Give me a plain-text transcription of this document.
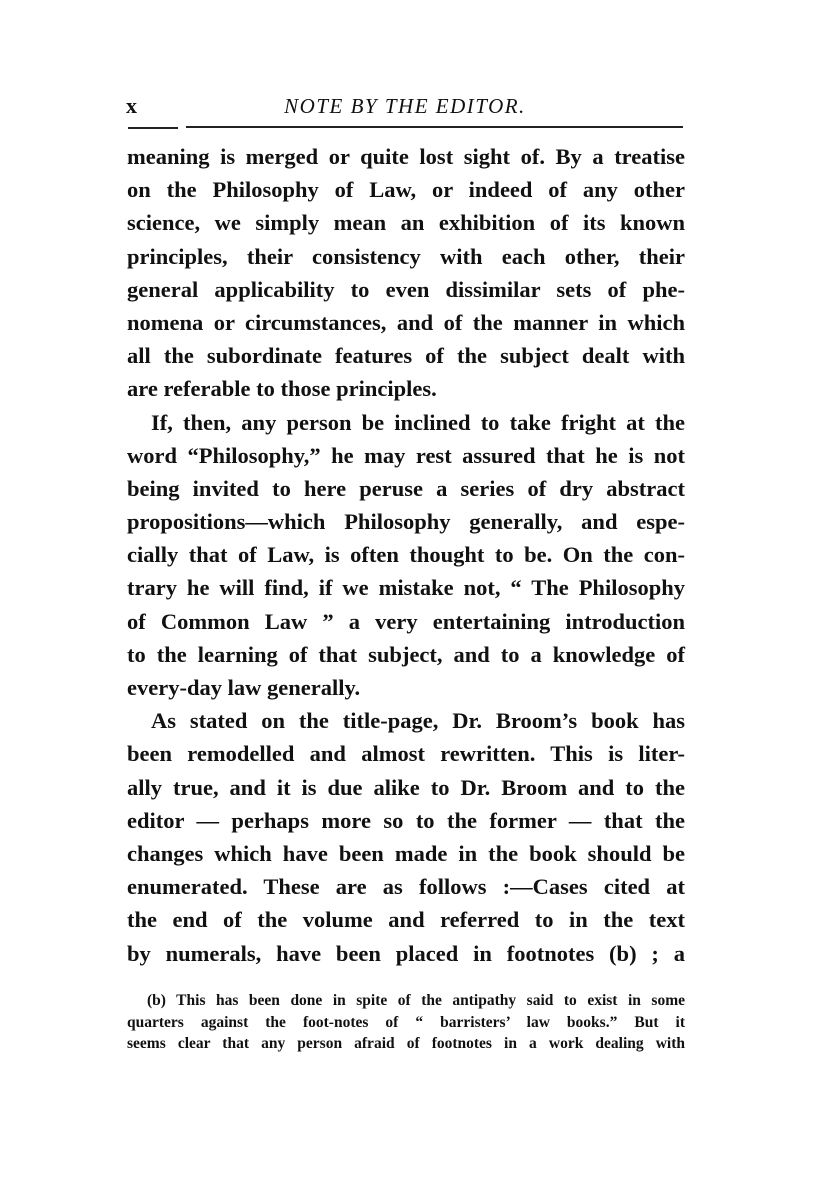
x	NOTE BY THE EDITOR.
meaning is merged or quite lost sight of. By a treatise
on the Philosophy of Law, or indeed of any other
science, we simply mean an exhibition of its known
principles, their consistency with each other, their
general applicability to even dissimilar sets of phe-
nomena or circumstances, and of the manner in which
all the subordinate features of the subject dealt with
are referable to those principles.
If, then, any person be inclined to take fright at the
word “Philosophy,” he may rest assured that he is not
being invited to here peruse a series of dry abstract
propositions—which Philosophy generally, and espe-
cially that of Law, is often thought to be. On the con-
trary he will find, if we mistake not, “ The Philosophy
of Common Law ” a very entertaining introduction
to the learning of that subject, and to a knowledge of
every-day law generally.
As stated on the title-page, Dr. Broom’s book has
been remodelled and almost rewritten. This is liter-
ally true, and it is due alike to Dr. Broom and to the
editor — perhaps more so to the former — that the
changes which have been made in the book should be
enumerated. These are as follows :—Cases cited at
the end of the volume and referred to in the text
by numerals, have been placed in footnotes (b) ; a
(b) This has been done in spite of the antipathy said to exist in some
quarters against the foot-notes of “ barristers’ law books.” But it
seems clear that any person afraid of footnotes in a work dealing with
